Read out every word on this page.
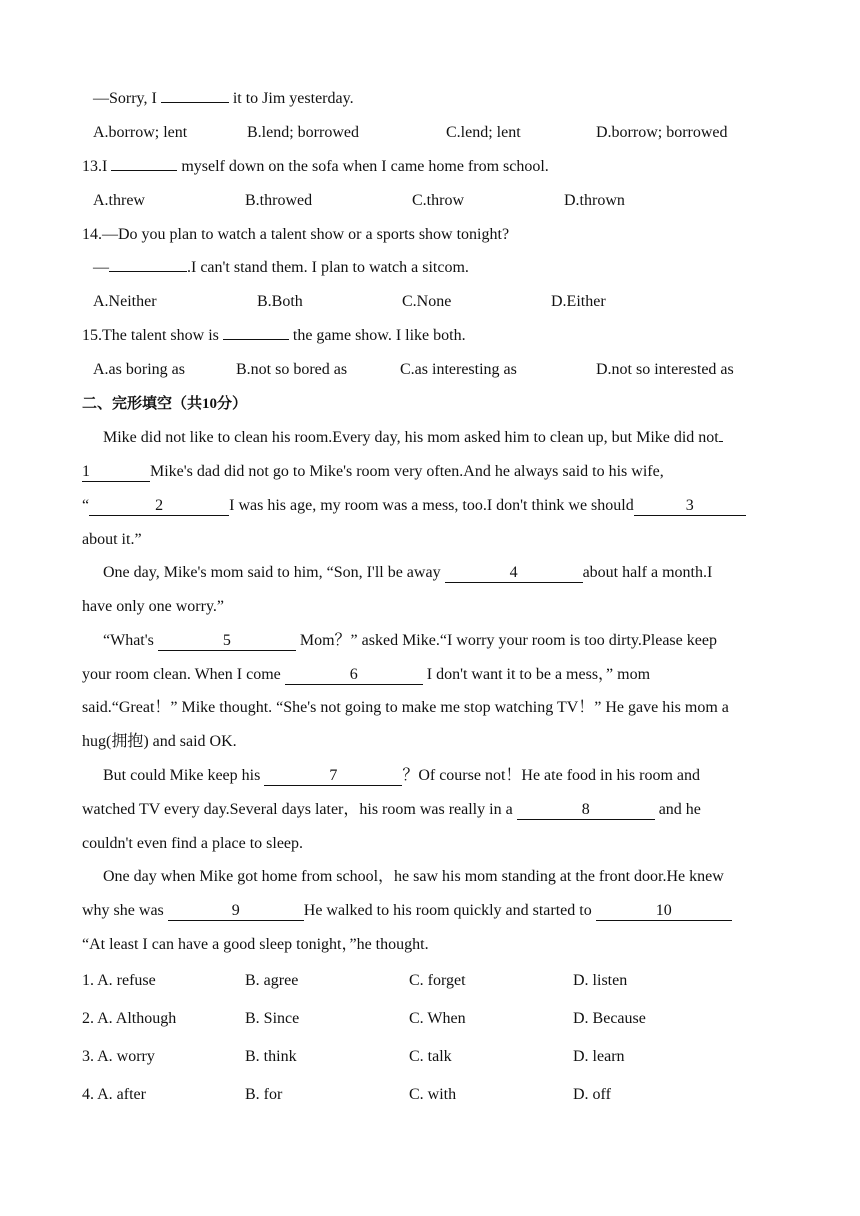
—Sorry, I	it to Jim yesterday.
A.borrow; lent	B.lend; borrowed	C.lend; lent	D.borrow; borrowed
13.I	myself down on the sofa when I came home from school.
A.threw	B.throwed	C.throw	D.thrown
14.—Do you plan to watch a talent show or a sports show tonight?
—	.I can't stand them. I plan to watch a sitcom.
A.Neither	B.Both	C.None	D.Either
15.The talent show is	the game show. I like both.
A.as boring as	B.not so bored as	C.as interesting as	D.not so interested as
二、完形填空（共10分）
Mike did not like to clean his room.Every day, his mom asked him to clean up, but Mike did not
1	Mike's dad did not go to Mike's room very often.And he always said to his wife,
“	2	I was his age, my room was a mess, too.I don't think we should	3
about it.”
One day, Mike's mom said to him, “Son, I'll be away	4	about half a month.I
have only one worry.”
“What's	5	Mom？” asked Mike.“I worry your room is too dirty.Please keep
your room clean. When I come	6	I don't want it to be a mess，” mom
said.“Great！” Mike thought. “She's not going to make me stop watching TV！” He gave his mom a
hug(拥抱) and said OK.
But could Mike keep his	7	？Of course not！He ate food in his room and
watched TV every day.Several days later，his room was really in a	8	and he
couldn't even find a place to sleep.
One day when Mike got home from school，he saw his mom standing at the front door.He knew
why she was	9	He walked to his room quickly and started to	10
“At least I can have a good sleep tonight，”he thought.
1. A. refuse	B. agree	C. forget	D. listen
2. A. Although	B. Since	C. When	D. Because
3. A. worry	B. think	C. talk	D. learn
4. A. after	B. for	C. with	D. off
